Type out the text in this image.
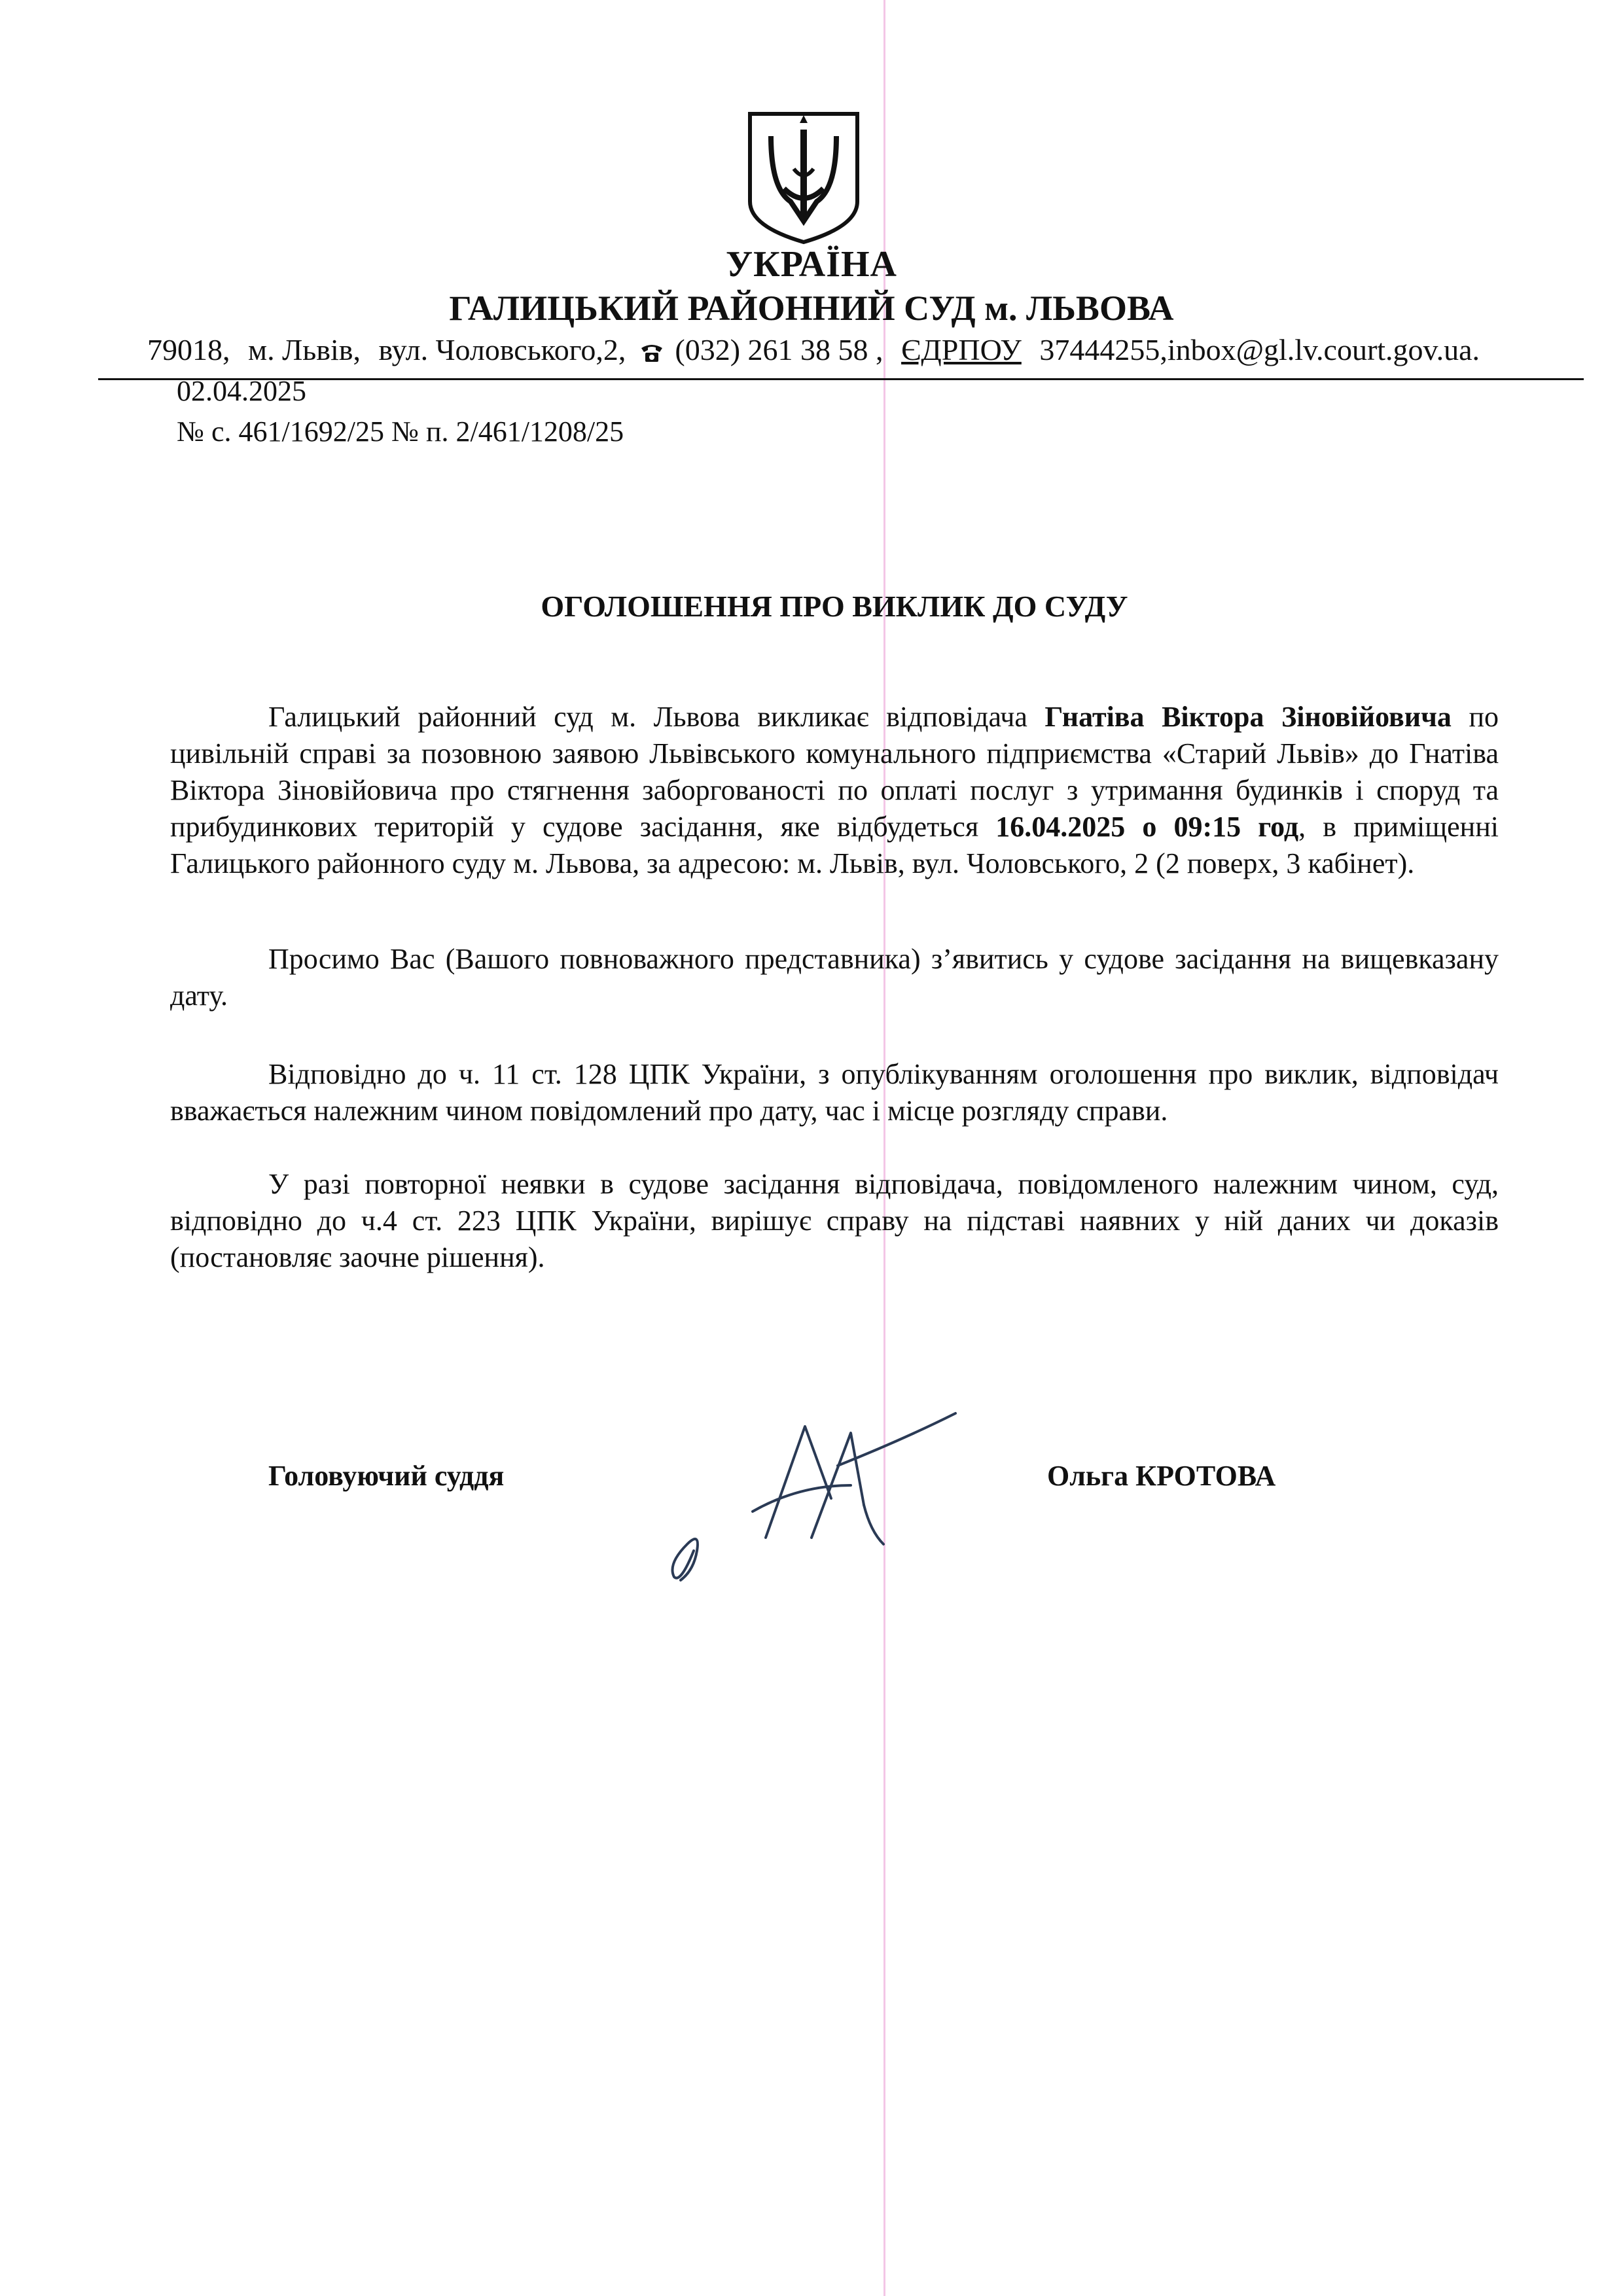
УКРАЇНА
ГАЛИЦЬКИЙ РАЙОННИЙ СУД м. ЛЬВОВА
79018, м. Львів, вул. Чоловського,2, (032) 261 38 58 , ЄДРПОУ 37444255,inbox@gl.lv.court.gov.ua.
02.04.2025
№ с. 461/1692/25 № п. 2/461/1208/25
ОГОЛОШЕННЯ ПРО ВИКЛИК ДО СУДУ

Галицький районний суд м. Львова викликає відповідача Гнатіва Віктора Зіновійовича по цивільній справі за позовною заявою Львівського комунального підприємства «Старий Львів» до Гнатіва Віктора Зіновійовича про стягнення заборгованості по оплаті послуг з утримання будинків і споруд та прибудинкових територій у судове засідання, яке відбудеться 16.04.2025 о 09:15 год, в приміщенні Галицького районного суду м. Львова, за адресою: м. Львів, вул. Чоловського, 2 (2 поверх, 3 кабінет).

Просимо Вас (Вашого повноважного представника) з’явитись у судове засідання на вищевказану дату.

Відповідно до ч. 11 ст. 128 ЦПК України, з опублікуванням оголошення про виклик, відповідач вважається належним чином повідомлений про дату, час і місце розгляду справи.

У разі повторної неявки в судове засідання відповідача, повідомленого належним чином, суд, відповідно до ч.4 ст. 223 ЦПК України, вирішує справу на підставі наявних у ній даних чи доказів (постановляє заочне рішення).

Головуючий суддя	Ольга КРОТОВА
